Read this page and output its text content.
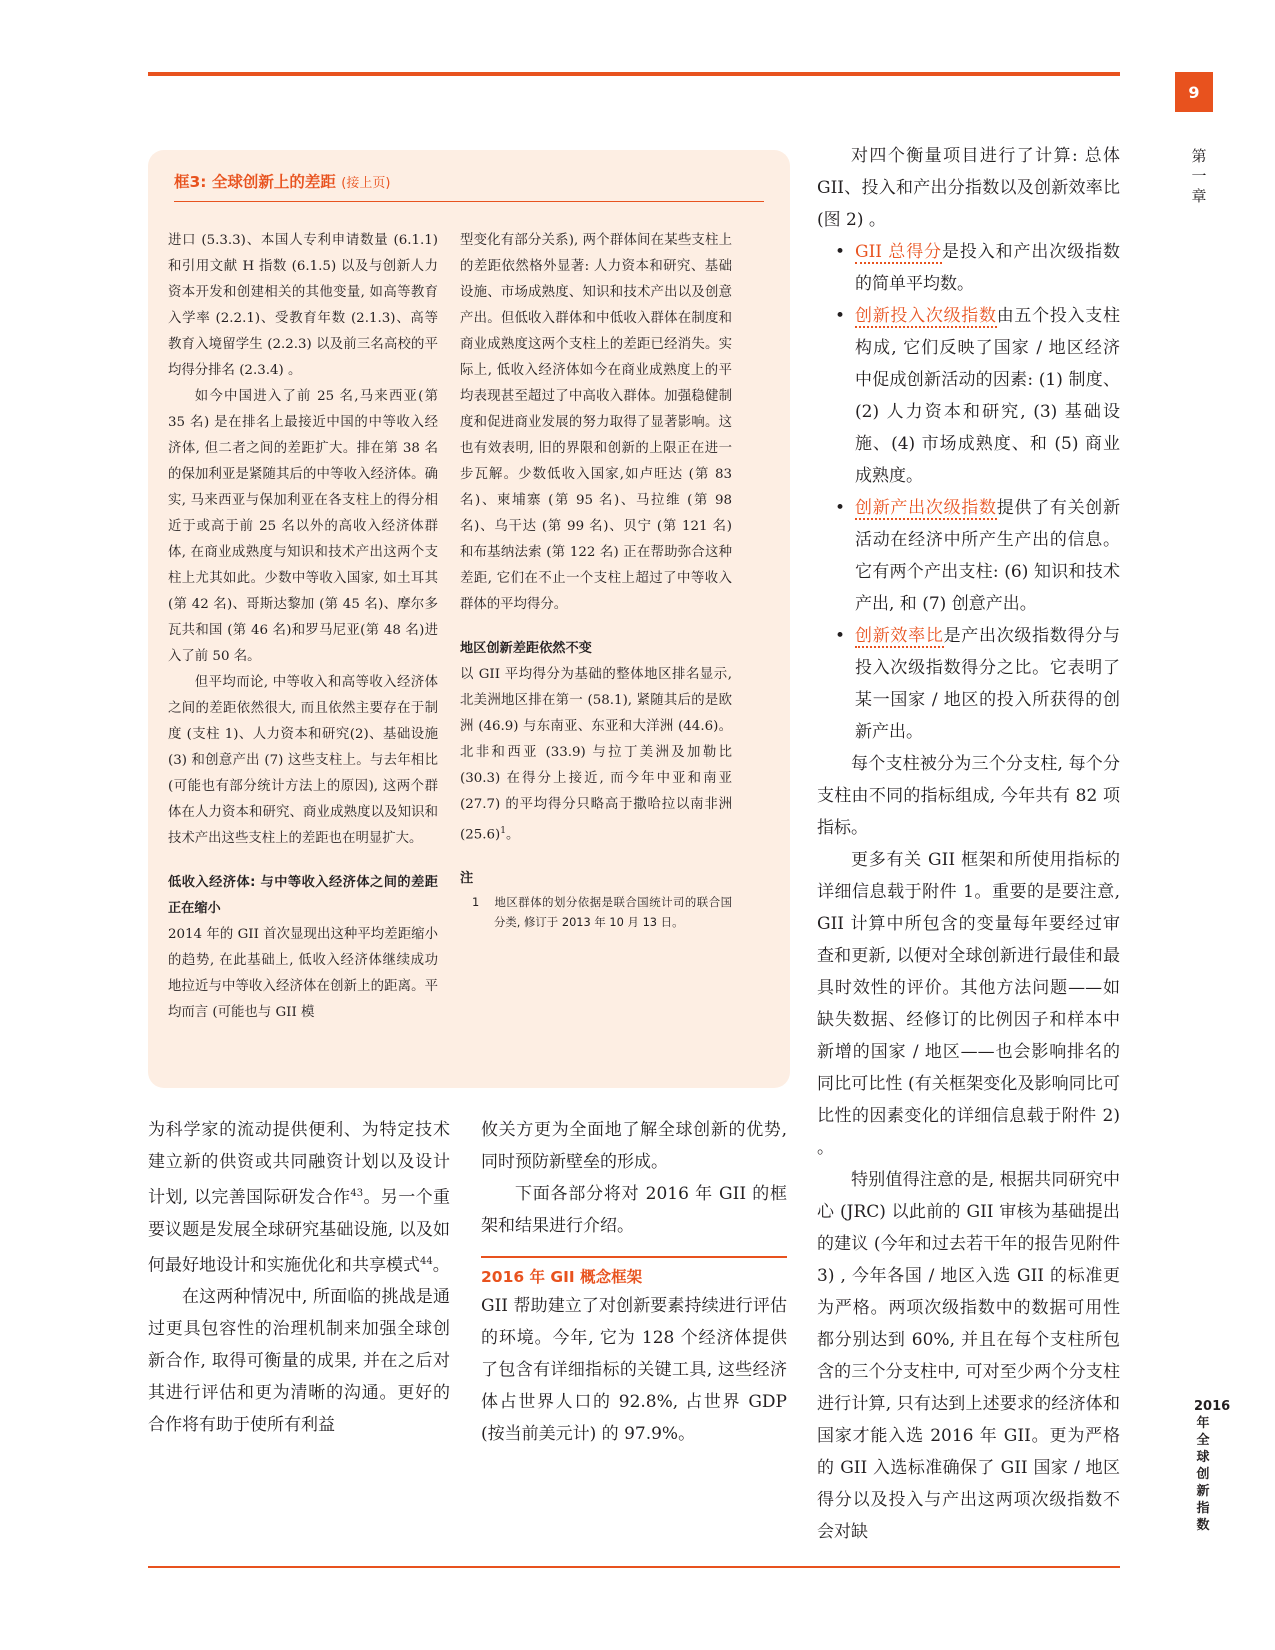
9
第一章
2016年全球创新指数
框3: 全球创新上的差距 (接上页)

进口 (5.3.3)、本国人专利申请数量 (6.1.1) 和引用文献 H 指数 (6.1.5) 以及与创新人力资本开发和创建相关的其他变量, 如高等教育入学率 (2.2.1)、受教育年数 (2.1.3)、高等教育入境留学生 (2.2.3) 以及前三名高校的平均得分排名 (2.3.4) 。

如今中国进入了前 25 名,马来西亚(第 35 名) 是在排名上最接近中国的中等收入经济体, 但二者之间的差距扩大。排在第 38 名的保加利亚是紧随其后的中等收入经济体。确实, 马来西亚与保加利亚在各支柱上的得分相近于或高于前 25 名以外的高收入经济体群体, 在商业成熟度与知识和技术产出这两个支柱上尤其如此。少数中等收入国家, 如土耳其 (第 42 名)、哥斯达黎加 (第 45 名)、摩尔多瓦共和国 (第 46 名)和罗马尼亚(第 48 名)进入了前 50 名。

但平均而论, 中等收入和高等收入经济体之间的差距依然很大, 而且依然主要存在于制度 (支柱 1)、人力资本和研究(2)、基础设施 (3) 和创意产出 (7) 这些支柱上。与去年相比 (可能也有部分统计方法上的原因), 这两个群体在人力资本和研究、商业成熟度以及知识和技术产出这些支柱上的差距也在明显扩大。

低收入经济体: 与中等收入经济体之间的差距正在缩小

2014 年的 GII 首次显现出这种平均差距缩小的趋势, 在此基础上, 低收入经济体继续成功地拉近与中等收入经济体在创新上的距离。平均而言 (可能也与 GII 模

型变化有部分关系), 两个群体间在某些支柱上的差距依然格外显著: 人力资本和研究、基础设施、市场成熟度、知识和技术产出以及创意产出。但低收入群体和中低收入群体在制度和商业成熟度这两个支柱上的差距已经消失。实际上, 低收入经济体如今在商业成熟度上的平均表现甚至超过了中高收入群体。加强稳健制度和促进商业发展的努力取得了显著影响。这也有效表明, 旧的界限和创新的上限正在进一步瓦解。少数低收入国家,如卢旺达 (第 83 名)、柬埔寨 (第 95 名)、马拉维 (第 98 名)、乌干达 (第 99 名)、贝宁 (第 121 名) 和布基纳法索 (第 122 名) 正在帮助弥合这种差距, 它们在不止一个支柱上超过了中等收入群体的平均得分。

地区创新差距依然不变

以 GII 平均得分为基础的整体地区排名显示, 北美洲地区排在第一 (58.1), 紧随其后的是欧洲 (46.9) 与东南亚、东亚和大洋洲 (44.6)。北非和西亚 (33.9) 与拉丁美洲及加勒比 (30.3) 在得分上接近, 而今年中亚和南亚 (27.7) 的平均得分只略高于撒哈拉以南非洲 $(25.6)^1$。

注

1 地区群体的划分依据是联合国统计司的联合国分类, 修订于 2013 年 10 月 13 日。

为科学家的流动提供便利、为特定技术建立新的供资或共同融资计划以及设计计划, 以完善国际研发合作$^{43}$。另一个重要议题是发展全球研究基础设施, 以及如何最好地设计和实施优化和共享模式$^{44}$。

在这两种情况中, 所面临的挑战是通过更具包容性的治理机制来加强全球创新合作, 取得可衡量的成果, 并在之后对其进行评估和更为清晰的沟通。更好的合作将有助于使所有利益

攸关方更为全面地了解全球创新的优势, 同时预防新壁垒的形成。

下面各部分将对 2016 年 GII 的框架和结果进行介绍。

2016 年 GII 概念框架

GII 帮助建立了对创新要素持续进行评估的环境。今年, 它为 128 个经济体提供了包含有详细指标的关键工具, 这些经济体占世界人口的 92.8%, 占世界 GDP (按当前美元计) 的 97.9%。

对四个衡量项目进行了计算: 总体 GII、投入和产出分指数以及创新效率比 (图 2) 。

• GII 总得分是投入和产出次级指数的简单平均数。
• 创新投入次级指数由五个投入支柱构成, 它们反映了国家 / 地区经济中促成创新活动的因素: (1) 制度、(2) 人力资本和研究, (3) 基础设施、(4) 市场成熟度、和 (5) 商业成熟度。
• 创新产出次级指数提供了有关创新活动在经济中所产生产出的信息。它有两个产出支柱: (6) 知识和技术产出, 和 (7) 创意产出。
• 创新效率比是产出次级指数得分与投入次级指数得分之比。它表明了某一国家 / 地区的投入所获得的创新产出。

每个支柱被分为三个分支柱, 每个分支柱由不同的指标组成, 今年共有 82 项指标。

更多有关 GII 框架和所使用指标的详细信息载于附件 1。重要的是要注意, GII 计算中所包含的变量每年要经过审查和更新, 以便对全球创新进行最佳和最具时效性的评价。其他方法问题——如缺失数据、经修订的比例因子和样本中新增的国家 / 地区——也会影响排名的同比可比性 (有关框架变化及影响同比可比性的因素变化的详细信息载于附件 2) 。

特别值得注意的是, 根据共同研究中心 (JRC) 以此前的 GII 审核为基础提出的建议 (今年和过去若干年的报告见附件 3) , 今年各国 / 地区入选 GII 的标准更为严格。两项次级指数中的数据可用性都分别达到 60%, 并且在每个支柱所包含的三个分支柱中, 可对至少两个分支柱进行计算, 只有达到上述要求的经济体和国家才能入选 2016 年 GII。更为严格的 GII 入选标准确保了 GII 国家 / 地区得分以及投入与产出这两项次级指数不会对缺
